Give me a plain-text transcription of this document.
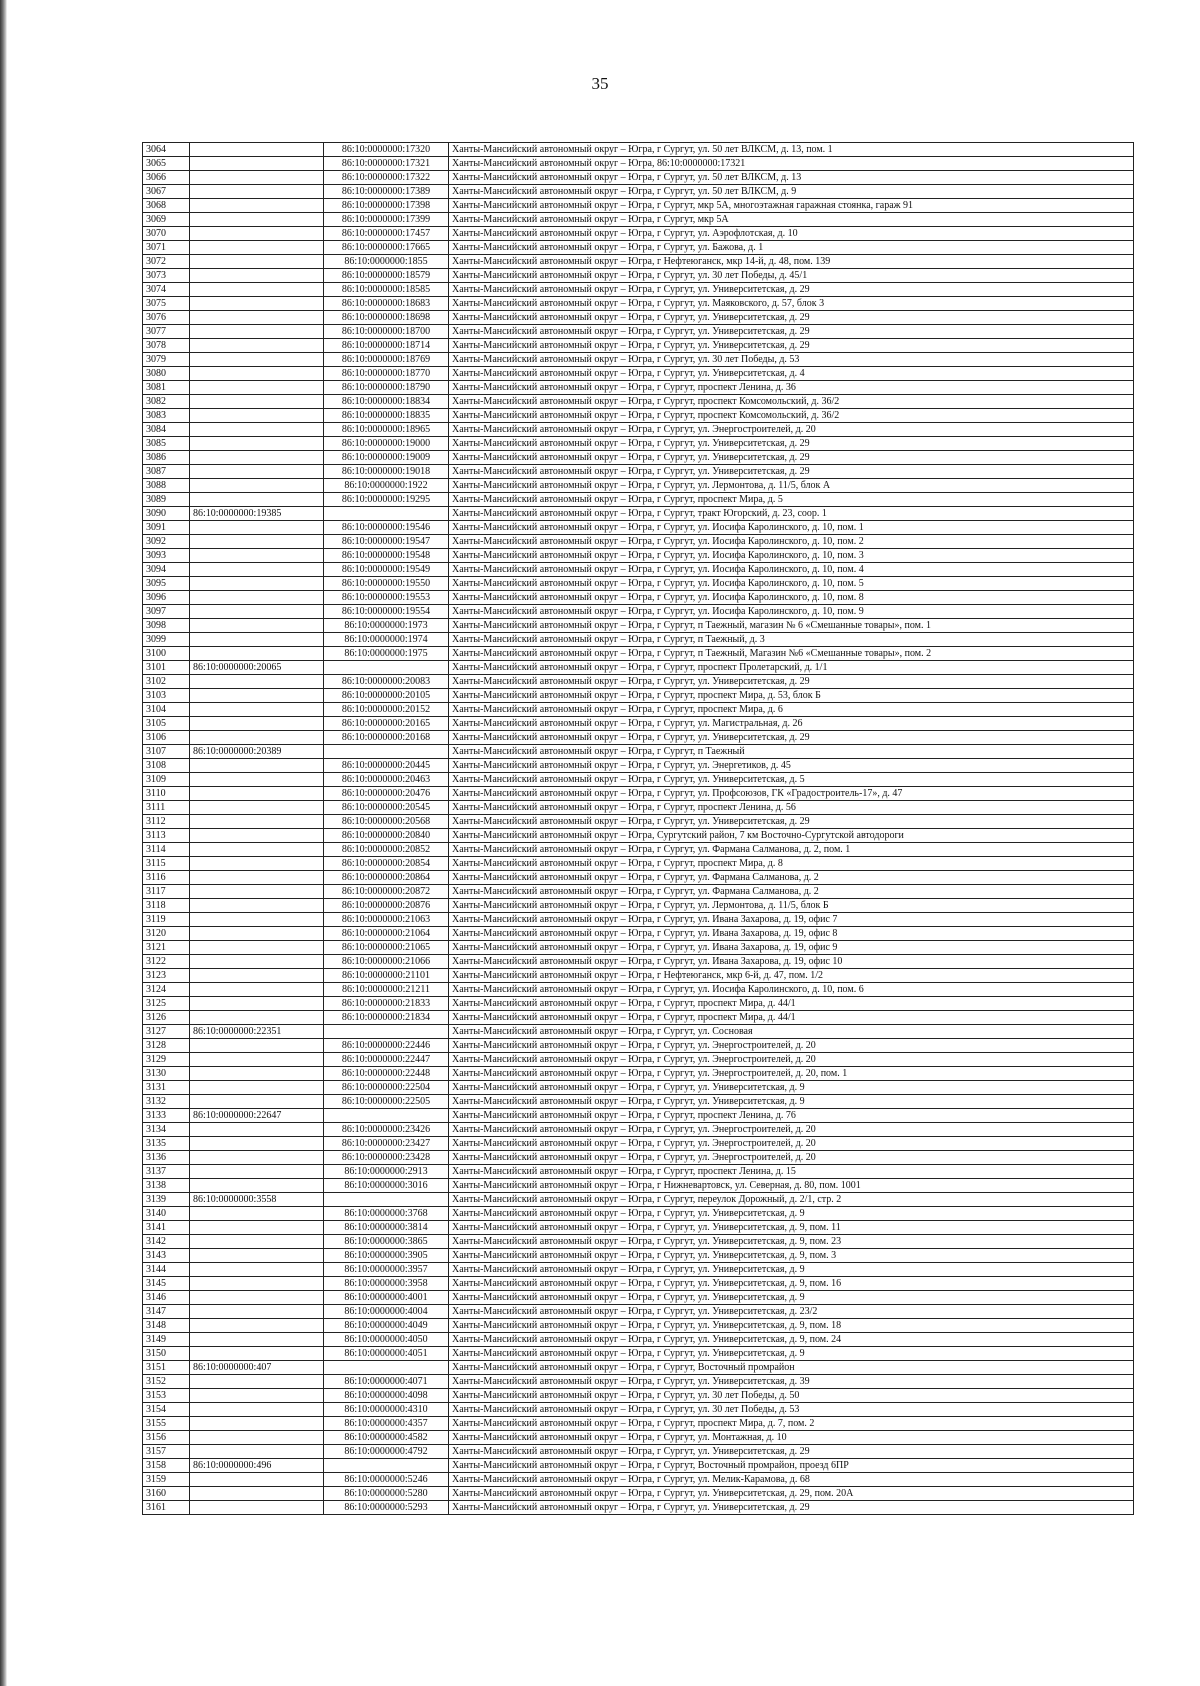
35
3064		86:10:0000000:17320	Ханты-Мансийский автономный округ – Югра, г Сургут, ул. 50 лет ВЛКСМ, д. 13, пом. 1
3065		86:10:0000000:17321	Ханты-Мансийский автономный округ – Югра, 86:10:0000000:17321
3066		86:10:0000000:17322	Ханты-Мансийский автономный округ – Югра, г Сургут, ул. 50 лет ВЛКСМ, д. 13
3067		86:10:0000000:17389	Ханты-Мансийский автономный округ – Югра, г Сургут, ул. 50 лет ВЛКСМ, д. 9
3068		86:10:0000000:17398	Ханты-Мансийский автономный округ – Югра, г Сургут, мкр 5А, многоэтажная гаражная стоянка, гараж 91
3069		86:10:0000000:17399	Ханты-Мансийский автономный округ – Югра, г Сургут, мкр 5А
3070		86:10:0000000:17457	Ханты-Мансийский автономный округ – Югра, г Сургут, ул. Аэрофлотская, д. 10
3071		86:10:0000000:17665	Ханты-Мансийский автономный округ – Югра, г Сургут, ул. Бажова, д. 1
3072		86:10:0000000:1855	Ханты-Мансийский автономный округ – Югра, г Нефтеюганск, мкр 14-й, д. 48, пом. 139
3073		86:10:0000000:18579	Ханты-Мансийский автономный округ – Югра, г Сургут, ул. 30 лет Победы, д. 45/1
3074		86:10:0000000:18585	Ханты-Мансийский автономный округ – Югра, г Сургут, ул. Университетская, д. 29
3075		86:10:0000000:18683	Ханты-Мансийский автономный округ – Югра, г Сургут, ул. Маяковского, д. 57, блок 3
3076		86:10:0000000:18698	Ханты-Мансийский автономный округ – Югра, г Сургут, ул. Университетская, д. 29
3077		86:10:0000000:18700	Ханты-Мансийский автономный округ – Югра, г Сургут, ул. Университетская, д. 29
3078		86:10:0000000:18714	Ханты-Мансийский автономный округ – Югра, г Сургут, ул. Университетская, д. 29
3079		86:10:0000000:18769	Ханты-Мансийский автономный округ – Югра, г Сургут, ул. 30 лет Победы, д. 53
3080		86:10:0000000:18770	Ханты-Мансийский автономный округ – Югра, г Сургут, ул. Университетская, д. 4
3081		86:10:0000000:18790	Ханты-Мансийский автономный округ – Югра, г Сургут, проспект Ленина, д. 36
3082		86:10:0000000:18834	Ханты-Мансийский автономный округ – Югра, г Сургут, проспект Комсомольский, д. 36/2
3083		86:10:0000000:18835	Ханты-Мансийский автономный округ – Югра, г Сургут, проспект Комсомольский, д. 36/2
3084		86:10:0000000:18965	Ханты-Мансийский автономный округ – Югра, г Сургут, ул. Энергостроителей, д. 20
3085		86:10:0000000:19000	Ханты-Мансийский автономный округ – Югра, г Сургут, ул. Университетская, д. 29
3086		86:10:0000000:19009	Ханты-Мансийский автономный округ – Югра, г Сургут, ул. Университетская, д. 29
3087		86:10:0000000:19018	Ханты-Мансийский автономный округ – Югра, г Сургут, ул. Университетская, д. 29
3088		86:10:0000000:1922	Ханты-Мансийский автономный округ – Югра, г Сургут, ул. Лермонтова, д. 11/5, блок А
3089		86:10:0000000:19295	Ханты-Мансийский автономный округ – Югра, г Сургут, проспект Мира, д. 5
3090	86:10:0000000:19385		Ханты-Мансийский автономный округ – Югра, г Сургут, тракт Югорский, д. 23, соор. 1
3091		86:10:0000000:19546	Ханты-Мансийский автономный округ – Югра, г Сургут, ул. Иосифа Каролинского, д. 10, пом. 1
3092		86:10:0000000:19547	Ханты-Мансийский автономный округ – Югра, г Сургут, ул. Иосифа Каролинского, д. 10, пом. 2
3093		86:10:0000000:19548	Ханты-Мансийский автономный округ – Югра, г Сургут, ул. Иосифа Каролинского, д. 10, пом. 3
3094		86:10:0000000:19549	Ханты-Мансийский автономный округ – Югра, г Сургут, ул. Иосифа Каролинского, д. 10, пом. 4
3095		86:10:0000000:19550	Ханты-Мансийский автономный округ – Югра, г Сургут, ул. Иосифа Каролинского, д. 10, пом. 5
3096		86:10:0000000:19553	Ханты-Мансийский автономный округ – Югра, г Сургут, ул. Иосифа Каролинского, д. 10, пом. 8
3097		86:10:0000000:19554	Ханты-Мансийский автономный округ – Югра, г Сургут, ул. Иосифа Каролинского, д. 10, пом. 9
3098		86:10:0000000:1973	Ханты-Мансийский автономный округ – Югра, г Сургут, п Таежный, магазин № 6 «Смешанные товары», пом. 1
3099		86:10:0000000:1974	Ханты-Мансийский автономный округ – Югра, г Сургут, п Таежный, д. 3
3100		86:10:0000000:1975	Ханты-Мансийский автономный округ – Югра, г Сургут, п Таежный, Магазин №6 «Смешанные товары», пом. 2
3101	86:10:0000000:20065		Ханты-Мансийский автономный округ – Югра, г Сургут, проспект Пролетарский, д. 1/1
3102		86:10:0000000:20083	Ханты-Мансийский автономный округ – Югра, г Сургут, ул. Университетская, д. 29
3103		86:10:0000000:20105	Ханты-Мансийский автономный округ – Югра, г Сургут, проспект Мира, д. 53, блок Б
3104		86:10:0000000:20152	Ханты-Мансийский автономный округ – Югра, г Сургут, проспект Мира, д. 6
3105		86:10:0000000:20165	Ханты-Мансийский автономный округ – Югра, г Сургут, ул. Магистральная, д. 26
3106		86:10:0000000:20168	Ханты-Мансийский автономный округ – Югра, г Сургут, ул. Университетская, д. 29
3107	86:10:0000000:20389		Ханты-Мансийский автономный округ – Югра, г Сургут, п Таежный
3108		86:10:0000000:20445	Ханты-Мансийский автономный округ – Югра, г Сургут, ул. Энергетиков, д. 45
3109		86:10:0000000:20463	Ханты-Мансийский автономный округ – Югра, г Сургут, ул. Университетская, д. 5
3110		86:10:0000000:20476	Ханты-Мансийский автономный округ – Югра, г Сургут, ул. Профсоюзов, ГК «Градостроитель-17», д. 47
3111		86:10:0000000:20545	Ханты-Мансийский автономный округ – Югра, г Сургут, проспект Ленина, д. 56
3112		86:10:0000000:20568	Ханты-Мансийский автономный округ – Югра, г Сургут, ул. Университетская, д. 29
3113		86:10:0000000:20840	Ханты-Мансийский автономный округ – Югра, Сургутский район, 7 км Восточно-Сургутской автодороги
3114		86:10:0000000:20852	Ханты-Мансийский автономный округ – Югра, г Сургут, ул. Фармана Салманова, д. 2, пом. 1
3115		86:10:0000000:20854	Ханты-Мансийский автономный округ – Югра, г Сургут, проспект Мира, д. 8
3116		86:10:0000000:20864	Ханты-Мансийский автономный округ – Югра, г Сургут, ул. Фармана Салманова, д. 2
3117		86:10:0000000:20872	Ханты-Мансийский автономный округ – Югра, г Сургут, ул. Фармана Салманова, д. 2
3118		86:10:0000000:20876	Ханты-Мансийский автономный округ – Югра, г Сургут, ул. Лермонтова, д. 11/5, блок Б
3119		86:10:0000000:21063	Ханты-Мансийский автономный округ – Югра, г Сургут, ул. Ивана Захарова, д. 19, офис 7
3120		86:10:0000000:21064	Ханты-Мансийский автономный округ – Югра, г Сургут, ул. Ивана Захарова, д. 19, офис 8
3121		86:10:0000000:21065	Ханты-Мансийский автономный округ – Югра, г Сургут, ул. Ивана Захарова, д. 19, офис 9
3122		86:10:0000000:21066	Ханты-Мансийский автономный округ – Югра, г Сургут, ул. Ивана Захарова, д. 19, офис 10
3123		86:10:0000000:21101	Ханты-Мансийский автономный округ – Югра, г Нефтеюганск, мкр 6-й, д. 47, пом. 1/2
3124		86:10:0000000:21211	Ханты-Мансийский автономный округ – Югра, г Сургут, ул. Иосифа Каролинского, д. 10, пом. 6
3125		86:10:0000000:21833	Ханты-Мансийский автономный округ – Югра, г Сургут, проспект Мира, д. 44/1
3126		86:10:0000000:21834	Ханты-Мансийский автономный округ – Югра, г Сургут, проспект Мира, д. 44/1
3127	86:10:0000000:22351		Ханты-Мансийский автономный округ – Югра, г Сургут, ул. Сосновая
3128		86:10:0000000:22446	Ханты-Мансийский автономный округ – Югра, г Сургут, ул. Энергостроителей, д. 20
3129		86:10:0000000:22447	Ханты-Мансийский автономный округ – Югра, г Сургут, ул. Энергостроителей, д. 20
3130		86:10:0000000:22448	Ханты-Мансийский автономный округ – Югра, г Сургут, ул. Энергостроителей, д. 20, пом. 1
3131		86:10:0000000:22504	Ханты-Мансийский автономный округ – Югра, г Сургут, ул. Университетская, д. 9
3132		86:10:0000000:22505	Ханты-Мансийский автономный округ – Югра, г Сургут, ул. Университетская, д. 9
3133	86:10:0000000:22647		Ханты-Мансийский автономный округ – Югра, г Сургут, проспект Ленина, д. 76
3134		86:10:0000000:23426	Ханты-Мансийский автономный округ – Югра, г Сургут, ул. Энергостроителей, д. 20
3135		86:10:0000000:23427	Ханты-Мансийский автономный округ – Югра, г Сургут, ул. Энергостроителей, д. 20
3136		86:10:0000000:23428	Ханты-Мансийский автономный округ – Югра, г Сургут, ул. Энергостроителей, д. 20
3137		86:10:0000000:2913	Ханты-Мансийский автономный округ – Югра, г Сургут, проспект Ленина, д. 15
3138		86:10:0000000:3016	Ханты-Мансийский автономный округ – Югра, г Нижневартовск, ул. Северная, д. 80, пом. 1001
3139	86:10:0000000:3558		Ханты-Мансийский автономный округ – Югра, г Сургут, переулок Дорожный, д. 2/1, стр. 2
3140		86:10:0000000:3768	Ханты-Мансийский автономный округ – Югра, г Сургут, ул. Университетская, д. 9
3141		86:10:0000000:3814	Ханты-Мансийский автономный округ – Югра, г Сургут, ул. Университетская, д. 9, пом. 11
3142		86:10:0000000:3865	Ханты-Мансийский автономный округ – Югра, г Сургут, ул. Университетская, д. 9, пом. 23
3143		86:10:0000000:3905	Ханты-Мансийский автономный округ – Югра, г Сургут, ул. Университетская, д. 9, пом. 3
3144		86:10:0000000:3957	Ханты-Мансийский автономный округ – Югра, г Сургут, ул. Университетская, д. 9
3145		86:10:0000000:3958	Ханты-Мансийский автономный округ – Югра, г Сургут, ул. Университетская, д. 9, пом. 16
3146		86:10:0000000:4001	Ханты-Мансийский автономный округ – Югра, г Сургут, ул. Университетская, д. 9
3147		86:10:0000000:4004	Ханты-Мансийский автономный округ – Югра, г Сургут, ул. Университетская, д. 23/2
3148		86:10:0000000:4049	Ханты-Мансийский автономный округ – Югра, г Сургут, ул. Университетская, д. 9, пом. 18
3149		86:10:0000000:4050	Ханты-Мансийский автономный округ – Югра, г Сургут, ул. Университетская, д. 9, пом. 24
3150		86:10:0000000:4051	Ханты-Мансийский автономный округ – Югра, г Сургут, ул. Университетская, д. 9
3151	86:10:0000000:407		Ханты-Мансийский автономный округ – Югра, г Сургут, Восточный промрайон
3152		86:10:0000000:4071	Ханты-Мансийский автономный округ – Югра, г Сургут, ул. Университетская, д. 39
3153		86:10:0000000:4098	Ханты-Мансийский автономный округ – Югра, г Сургут, ул. 30 лет Победы, д. 50
3154		86:10:0000000:4310	Ханты-Мансийский автономный округ – Югра, г Сургут, ул. 30 лет Победы, д. 53
3155		86:10:0000000:4357	Ханты-Мансийский автономный округ – Югра, г Сургут, проспект Мира, д. 7, пом. 2
3156		86:10:0000000:4582	Ханты-Мансийский автономный округ – Югра, г Сургут, ул. Монтажная, д. 10
3157		86:10:0000000:4792	Ханты-Мансийский автономный округ – Югра, г Сургут, ул. Университетская, д. 29
3158	86:10:0000000:496		Ханты-Мансийский автономный округ – Югра, г Сургут, Восточный промрайон, проезд 6ПР
3159		86:10:0000000:5246	Ханты-Мансийский автономный округ – Югра, г Сургут, ул. Мелик-Карамова, д. 68
3160		86:10:0000000:5280	Ханты-Мансийский автономный округ – Югра, г Сургут, ул. Университетская, д. 29, пом. 20А
3161		86:10:0000000:5293	Ханты-Мансийский автономный округ – Югра, г Сургут, ул. Университетская, д. 29
